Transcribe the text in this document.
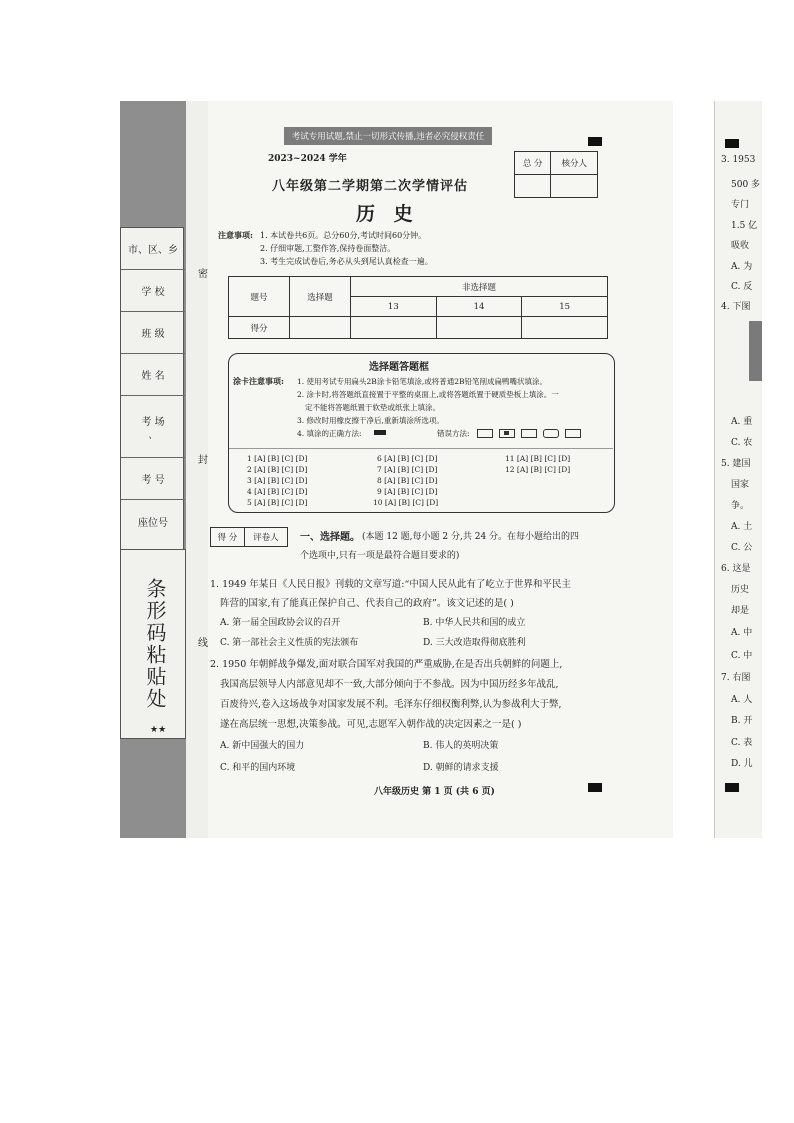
市、区、乡
学 校
班 级
姓 名
考 场
、
考 号
座位号
条形码粘贴处
★★
密
封
线
考试专用试题,禁止一切形式传播,违者必究侵权责任
2023~2024 学年
八年级第二学期第二次学情评估
历 史
总 分	核分人

注意事项: 1. 本试卷共6页。总分60分,考试时间60分钟。
2. 仔细审题,工整作答,保持卷面整洁。
3. 考生完成试卷后,务必从头到尾认真检查一遍。
题号	选择题	非选择题		
		13	14	15
得分				
选择题答题框
涂卡注意事项: 1. 使用考试专用扁头2B涂卡铅笔填涂,或将普通2B铅笔削成扁鸭嘴状填涂。
2. 涂卡时,将答题纸直接置于平整的桌面上,或将答题纸置于硬质垫板上填涂。一
定不能将答题纸置于软垫或纸张上填涂。
3. 修改时用橡皮擦干净后,重新填涂所选项。
4. 填涂的正确方法:	错误方法:
1 [A] [B] [C] [D]
2 [A] [B] [C] [D]
3 [A] [B] [C] [D]
4 [A] [B] [C] [D]
5 [A] [B] [C] [D]
6 [A] [B] [C] [D]
7 [A] [B] [C] [D]
8 [A] [B] [C] [D]
9 [A] [B] [C] [D]
10 [A] [B] [C] [D]
11 [A] [B] [C] [D]
12 [A] [B] [C] [D]
得 分	评卷人 一、选择题。 (本题 12 题,每小题 2 分,共 24 分。在每小题给出的四
个选项中,只有一项是最符合题目要求的)
1. 1949 年某日《人民日报》刊载的文章写道:“中国人民从此有了屹立于世界和平民主
阵营的国家,有了能真正保护自己、代表自己的政府”。该文记述的是( )
A. 第一届全国政协会议的召开	B. 中华人民共和国的成立
C. 第一部社会主义性质的宪法颁布	D. 三大改造取得彻底胜利
2. 1950 年朝鲜战争爆发,面对联合国军对我国的严重威胁,在是否出兵朝鲜的问题上,
我国高层领导人内部意见却不一致,大部分倾向于不参战。因为中国历经多年战乱,
百废待兴,卷入这场战争对国家发展不利。毛泽东仔细权衡利弊,认为参战利大于弊,
遂在高层统一思想,决策参战。可见,志愿军入朝作战的决定因素之一是( )
A. 新中国强大的国力	B. 伟人的英明决策
C. 和平的国内环境	D. 朝鲜的请求支援
八年级历史 第 1 页 (共 6 页)
3. 1953
500 多
专门
1.5 亿
吸收
A. 为
C. 反
4. 下图
A. 重
C. 农
5. 建国
国家
争。
A. 土
C. 公
6. 这是
历史
却是
A. 中
C. 中
7. 右图
A. 人
B. 开
C. 表
D. 儿
